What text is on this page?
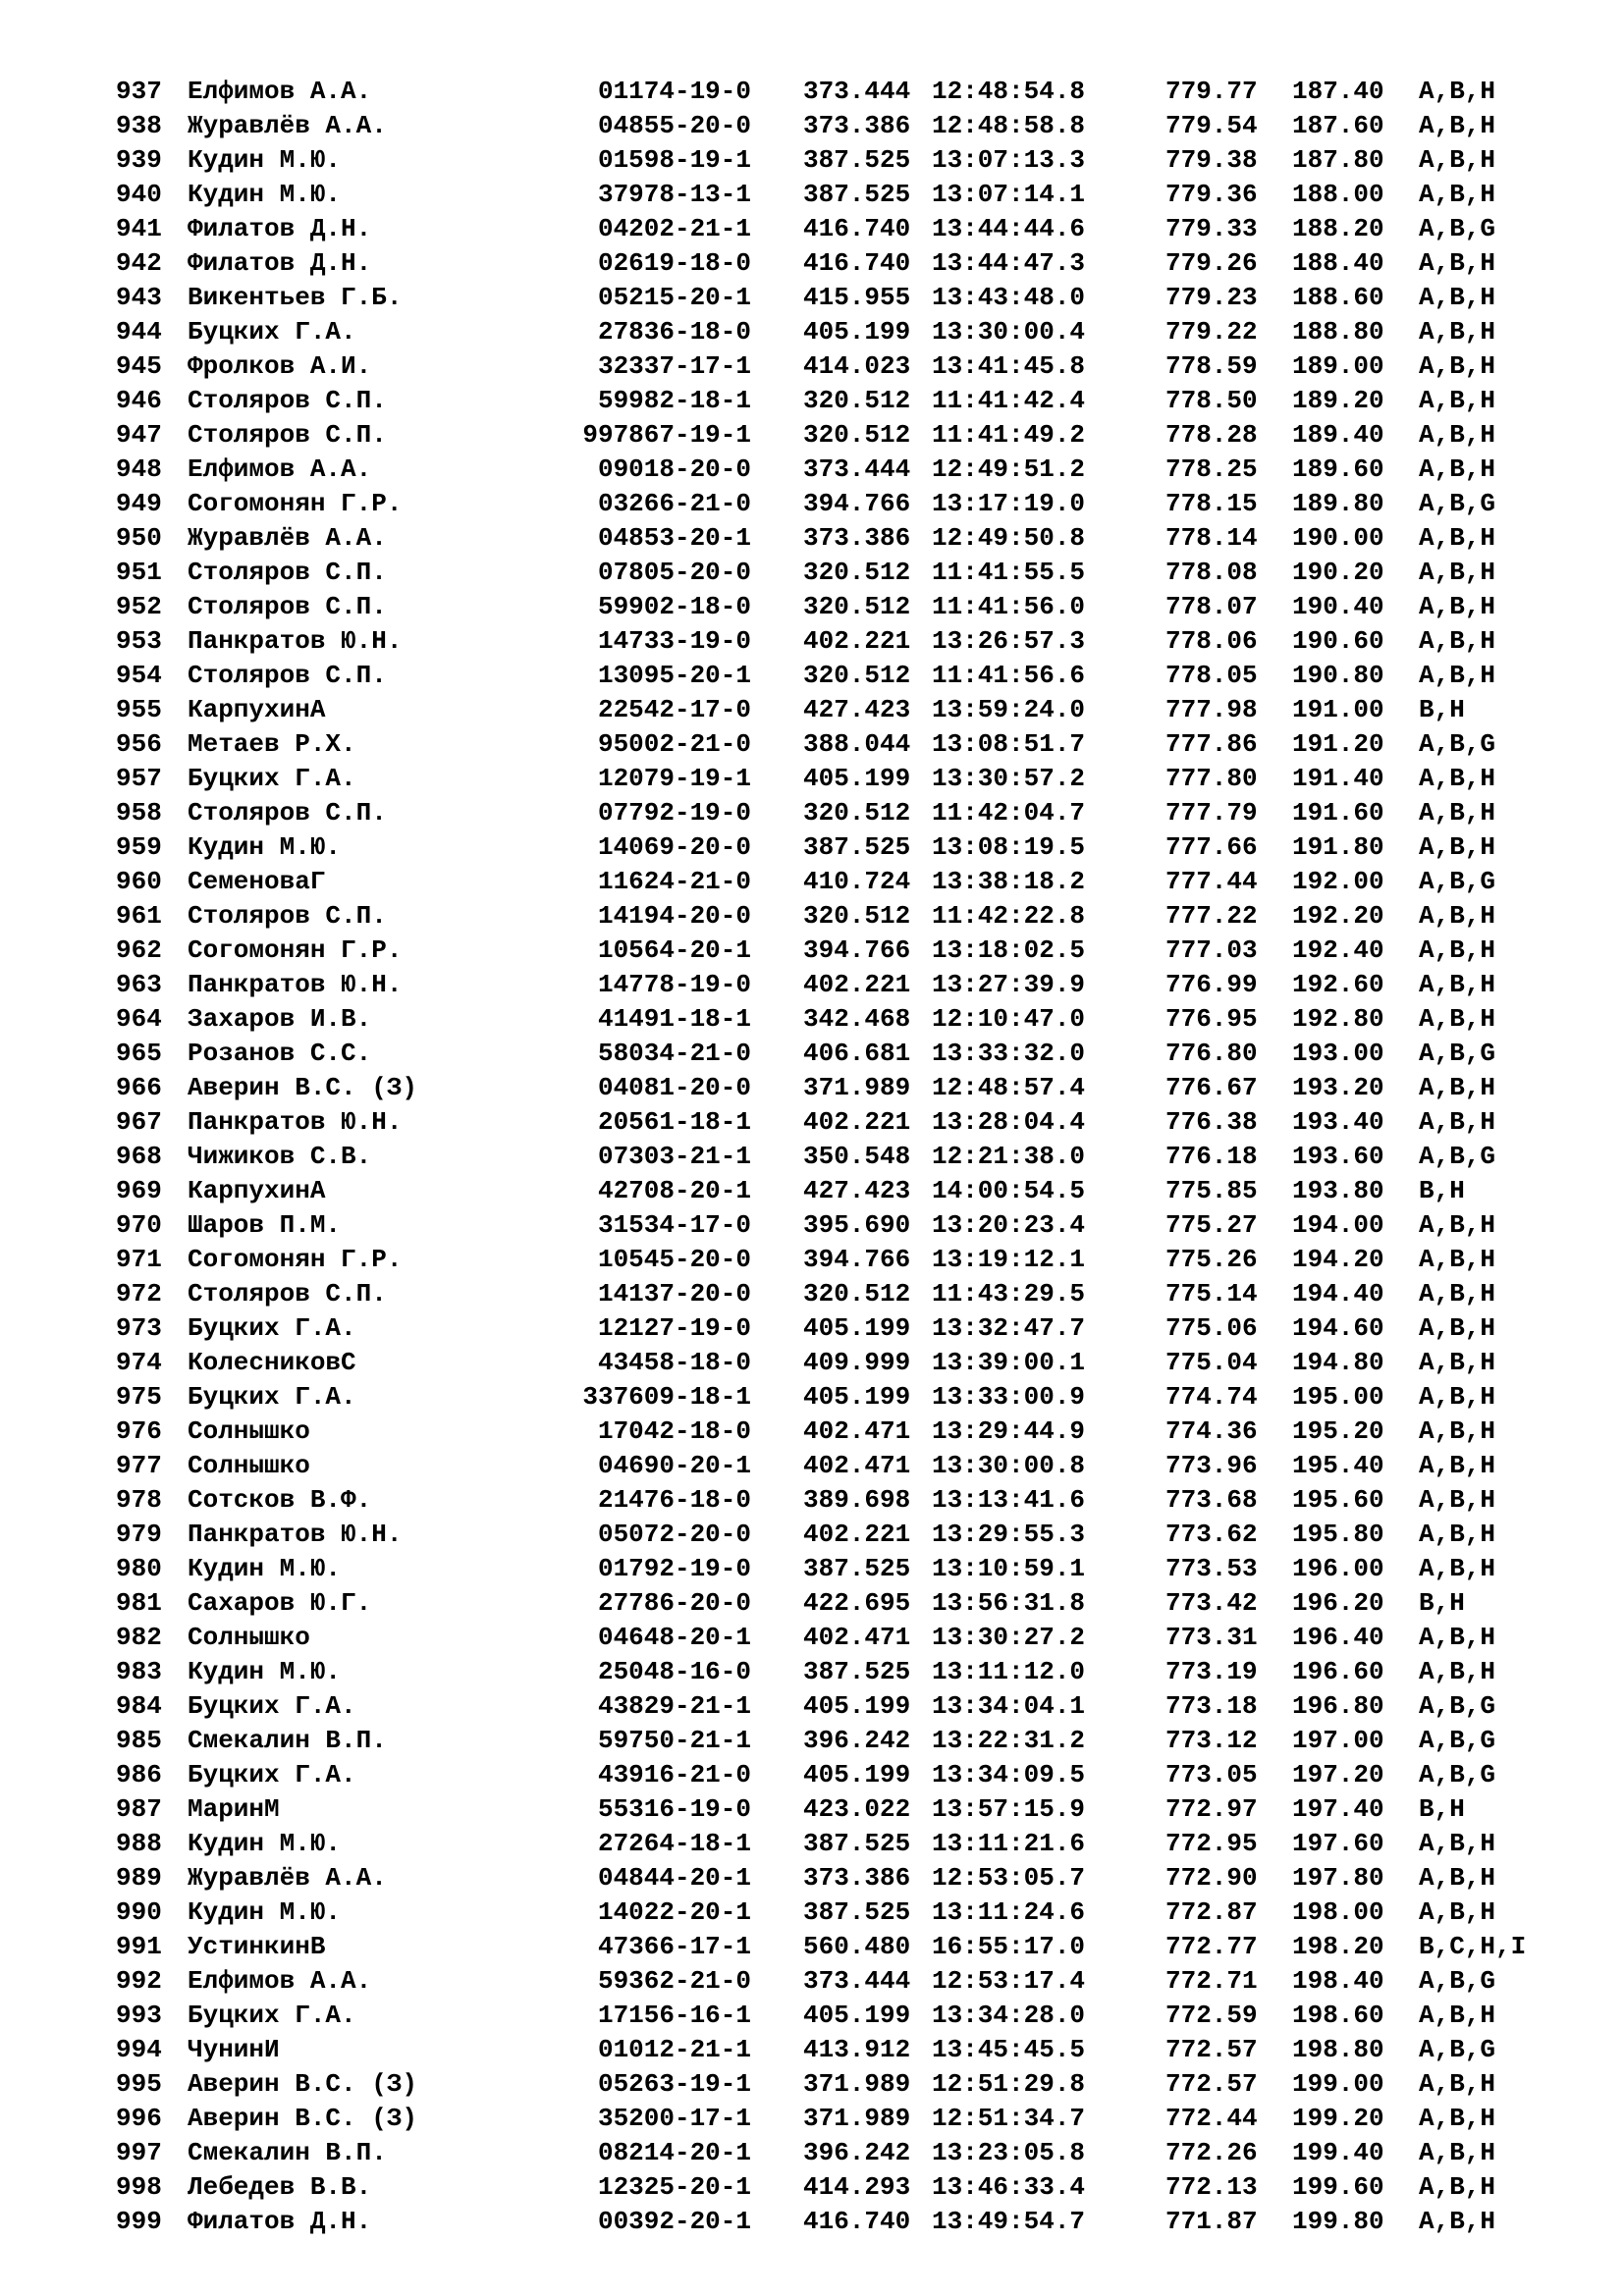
937 Елфимов А.А.	01174-19-0 373.444 12:48:54.8	779.77 187.40 A,B,H
938 Журавлёв А.А.	04855-20-0 373.386 12:48:58.8	779.54 187.60 A,B,H
939 Кудин М.Ю.	01598-19-1 387.525 13:07:13.3	779.38 187.80 A,B,H
940 Кудин М.Ю.	37978-13-1 387.525 13:07:14.1	779.36 188.00 A,B,H
941 Филатов Д.Н.	04202-21-1 416.740 13:44:44.6	779.33 188.20 A,B,G
942 Филатов Д.Н.	02619-18-0 416.740 13:44:47.3	779.26 188.40 A,B,H
943 Викентьев Г.Б.	05215-20-1 415.955 13:43:48.0	779.23 188.60 A,B,H
944 Буцких Г.А.	27836-18-0 405.199 13:30:00.4	779.22 188.80 A,B,H
945 Фролков А.И.	32337-17-1 414.023 13:41:45.8	778.59 189.00 A,B,H
946 Столяров С.П.	59982-18-1 320.512 11:41:42.4	778.50 189.20 A,B,H
947 Столяров С.П.	997867-19-1 320.512 11:41:49.2	778.28 189.40 A,B,H
948 Елфимов А.А.	09018-20-0 373.444 12:49:51.2	778.25 189.60 A,B,H
949 Согомонян Г.Р.	03266-21-0 394.766 13:17:19.0	778.15 189.80 A,B,G
950 Журавлёв А.А.	04853-20-1 373.386 12:49:50.8	778.14 190.00 A,B,H
951 Столяров С.П.	07805-20-0 320.512 11:41:55.5	778.08 190.20 A,B,H
952 Столяров С.П.	59902-18-0 320.512 11:41:56.0	778.07 190.40 A,B,H
953 Панкратов Ю.Н.	14733-19-0 402.221 13:26:57.3	778.06 190.60 A,B,H
954 Столяров С.П.	13095-20-1 320.512 11:41:56.6	778.05 190.80 A,B,H
955 КарпухинА	22542-17-0 427.423 13:59:24.0	777.98 191.00 B,H
956 Метаев Р.Х.	95002-21-0 388.044 13:08:51.7	777.86 191.20 A,B,G
957 Буцких Г.А.	12079-19-1 405.199 13:30:57.2	777.80 191.40 A,B,H
958 Столяров С.П.	07792-19-0 320.512 11:42:04.7	777.79 191.60 A,B,H
959 Кудин М.Ю.	14069-20-0 387.525 13:08:19.5	777.66 191.80 A,B,H
960 СеменоваГ	11624-21-0 410.724 13:38:18.2	777.44 192.00 A,B,G
961 Столяров С.П.	14194-20-0 320.512 11:42:22.8	777.22 192.20 A,B,H
962 Согомонян Г.Р.	10564-20-1 394.766 13:18:02.5	777.03 192.40 A,B,H
963 Панкратов Ю.Н.	14778-19-0 402.221 13:27:39.9	776.99 192.60 A,B,H
964 Захаров И.В.	41491-18-1 342.468 12:10:47.0	776.95 192.80 A,B,H
965 Розанов С.С.	58034-21-0 406.681 13:33:32.0	776.80 193.00 A,B,G
966 Аверин В.С. (З)	04081-20-0 371.989 12:48:57.4	776.67 193.20 A,B,H
967 Панкратов Ю.Н.	20561-18-1 402.221 13:28:04.4	776.38 193.40 A,B,H
968 Чижиков С.В.	07303-21-1 350.548 12:21:38.0	776.18 193.60 A,B,G
969 КарпухинА	42708-20-1 427.423 14:00:54.5	775.85 193.80 B,H
970 Шаров П.М.	31534-17-0 395.690 13:20:23.4	775.27 194.00 A,B,H
971 Согомонян Г.Р.	10545-20-0 394.766 13:19:12.1	775.26 194.20 A,B,H
972 Столяров С.П.	14137-20-0 320.512 11:43:29.5	775.14 194.40 A,B,H
973 Буцких Г.А.	12127-19-0 405.199 13:32:47.7	775.06 194.60 A,B,H
974 КолесниковС	43458-18-0 409.999 13:39:00.1	775.04 194.80 A,B,H
975 Буцких Г.А.	337609-18-1 405.199 13:33:00.9	774.74 195.00 A,B,H
976 Солнышко	17042-18-0 402.471 13:29:44.9	774.36 195.20 A,B,H
977 Солнышко	04690-20-1 402.471 13:30:00.8	773.96 195.40 A,B,H
978 Сотсков В.Ф.	21476-18-0 389.698 13:13:41.6	773.68 195.60 A,B,H
979 Панкратов Ю.Н.	05072-20-0 402.221 13:29:55.3	773.62 195.80 A,B,H
980 Кудин М.Ю.	01792-19-0 387.525 13:10:59.1	773.53 196.00 A,B,H
981 Сахаров Ю.Г.	27786-20-0 422.695 13:56:31.8	773.42 196.20 B,H
982 Солнышко	04648-20-1 402.471 13:30:27.2	773.31 196.40 A,B,H
983 Кудин М.Ю.	25048-16-0 387.525 13:11:12.0	773.19 196.60 A,B,H
984 Буцких Г.А.	43829-21-1 405.199 13:34:04.1	773.18 196.80 A,B,G
985 Смекалин В.П.	59750-21-1 396.242 13:22:31.2	773.12 197.00 A,B,G
986 Буцких Г.А.	43916-21-0 405.199 13:34:09.5	773.05 197.20 A,B,G
987 МаринМ	55316-19-0 423.022 13:57:15.9	772.97 197.40 B,H
988 Кудин М.Ю.	27264-18-1 387.525 13:11:21.6	772.95 197.60 A,B,H
989 Журавлёв А.А.	04844-20-1 373.386 12:53:05.7	772.90 197.80 A,B,H
990 Кудин М.Ю.	14022-20-1 387.525 13:11:24.6	772.87 198.00 A,B,H
991 УстинкинВ	47366-17-1 560.480 16:55:17.0	772.77 198.20 B,C,H,I
992 Елфимов А.А.	59362-21-0 373.444 12:53:17.4	772.71 198.40 A,B,G
993 Буцких Г.А.	17156-16-1 405.199 13:34:28.0	772.59 198.60 A,B,H
994 ЧунинИ	01012-21-1 413.912 13:45:45.5	772.57 198.80 A,B,G
995 Аверин В.С. (З)	05263-19-1 371.989 12:51:29.8	772.57 199.00 A,B,H
996 Аверин В.С. (З)	35200-17-1 371.989 12:51:34.7	772.44 199.20 A,B,H
997 Смекалин В.П.	08214-20-1 396.242 13:23:05.8	772.26 199.40 A,B,H
998 Лебедев В.В.	12325-20-1 414.293 13:46:33.4	772.13 199.60 A,B,H
999 Филатов Д.Н.	00392-20-1 416.740 13:49:54.7	771.87 199.80 A,B,H
